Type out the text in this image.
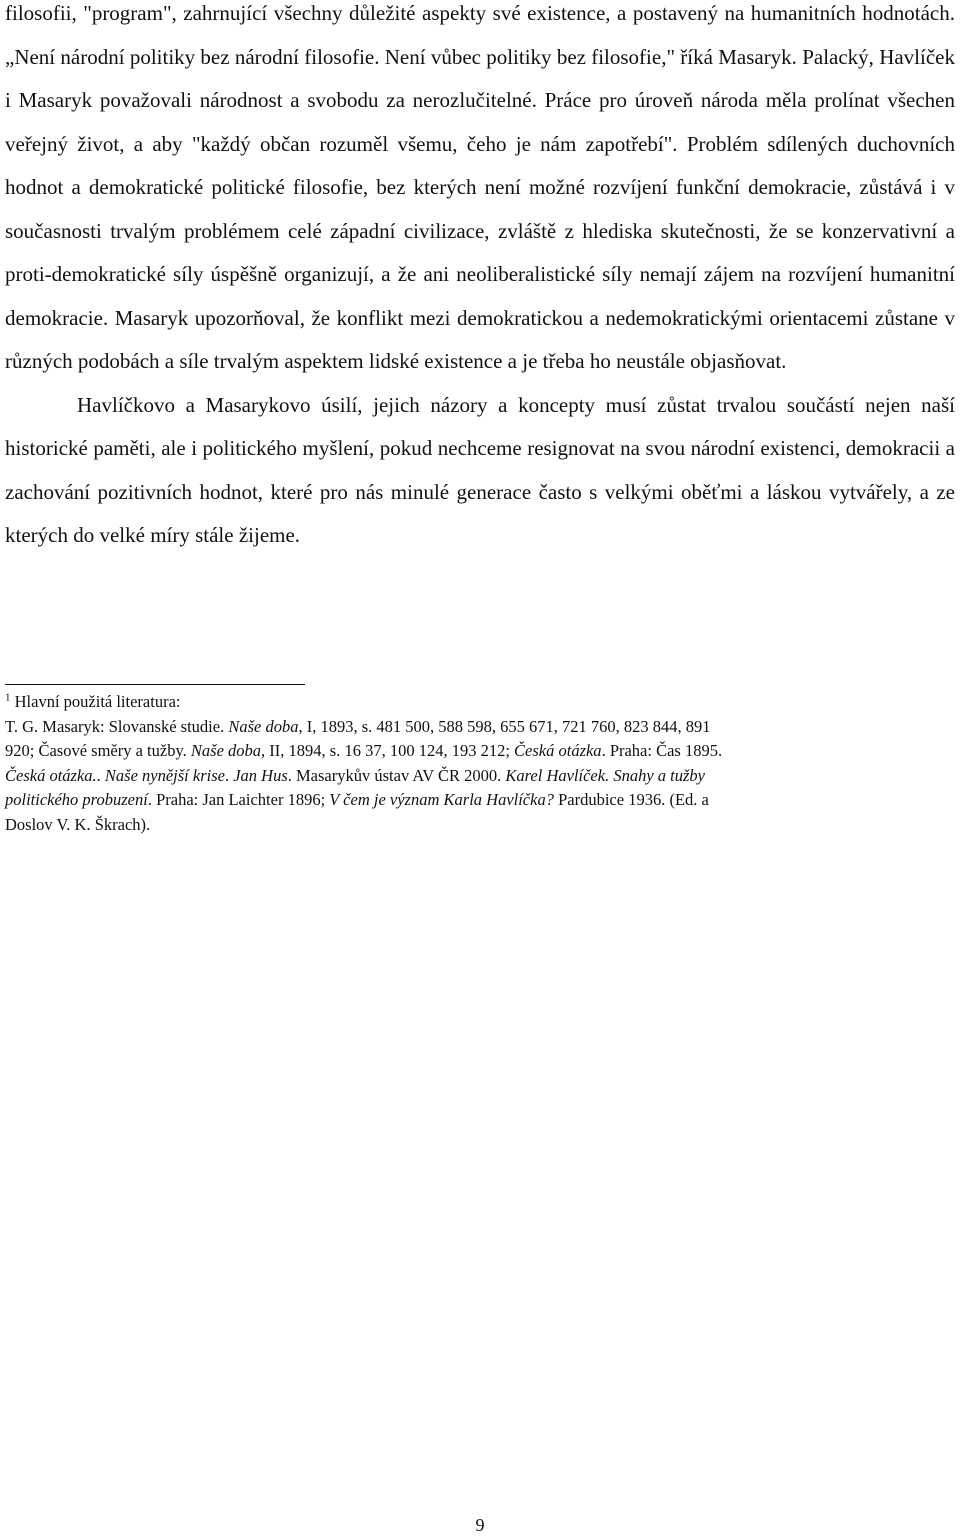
filosofii, "program", zahrnující všechny důležité aspekty své existence, a postavený na humanitních hodnotách. „Není národní politiky bez národní filosofie. Není vůbec politiky bez filosofie," říká Masaryk. Palacký, Havlíček i Masaryk považovali národnost a svobodu za nerozlučitelné. Práce pro úroveň národa měla prolínat všechen veřejný život, a aby "každý občan rozuměl všemu, čeho je nám zapotřebí". Problém sdílených duchovních hodnot a demokratické politické filosofie, bez kterých není možné rozvíjení funkční demokracie, zůstává i v současnosti trvalým problémem celé západní civilizace, zvláště z hlediska skutečnosti, že se konzervativní a proti-demokratické síly úspěšně organizují, a že ani neoliberalistické síly nemají zájem na rozvíjení humanitní demokracie. Masaryk upozorňoval, že konflikt mezi demokratickou a nedemokratickými orientacemi zůstane v různých podobách a síle trvalým aspektem lidské existence a je třeba ho neustále objasňovat.

Havlíčkovo a Masarykovo úsilí, jejich názory a koncepty musí zůstat trvalou součástí nejen naší historické paměti, ale i politického myšlení, pokud nechceme resignovat na svou národní existenci, demokracii a zachování pozitivních hodnot, které pro nás minulé generace často s velkými oběťmi a láskou vytvářely, a ze kterých do velké míry stále žijeme.

$^1$ Hlavní použitá literatura:

T. G. Masaryk: Slovanské studie. Naše doba, I, 1893, s. 481 500, 588 598, 655 671, 721 760, 823 844, 891

920; Časové směry a tužby. Naše doba, II, 1894, s. 16 37, 100 124, 193 212; Česká otázka. Praha: Čas 1895.

Česká otázka.. Naše nynější krise. Jan Hus. Masarykův ústav AV ČR 2000. Karel Havlíček. Snahy a tužby

politického probuzení. Praha: Jan Laichter 1896; V čem je význam Karla Havlíčka? Pardubice 1936. (Ed. a

Doslov V. K. Škrach).

9
